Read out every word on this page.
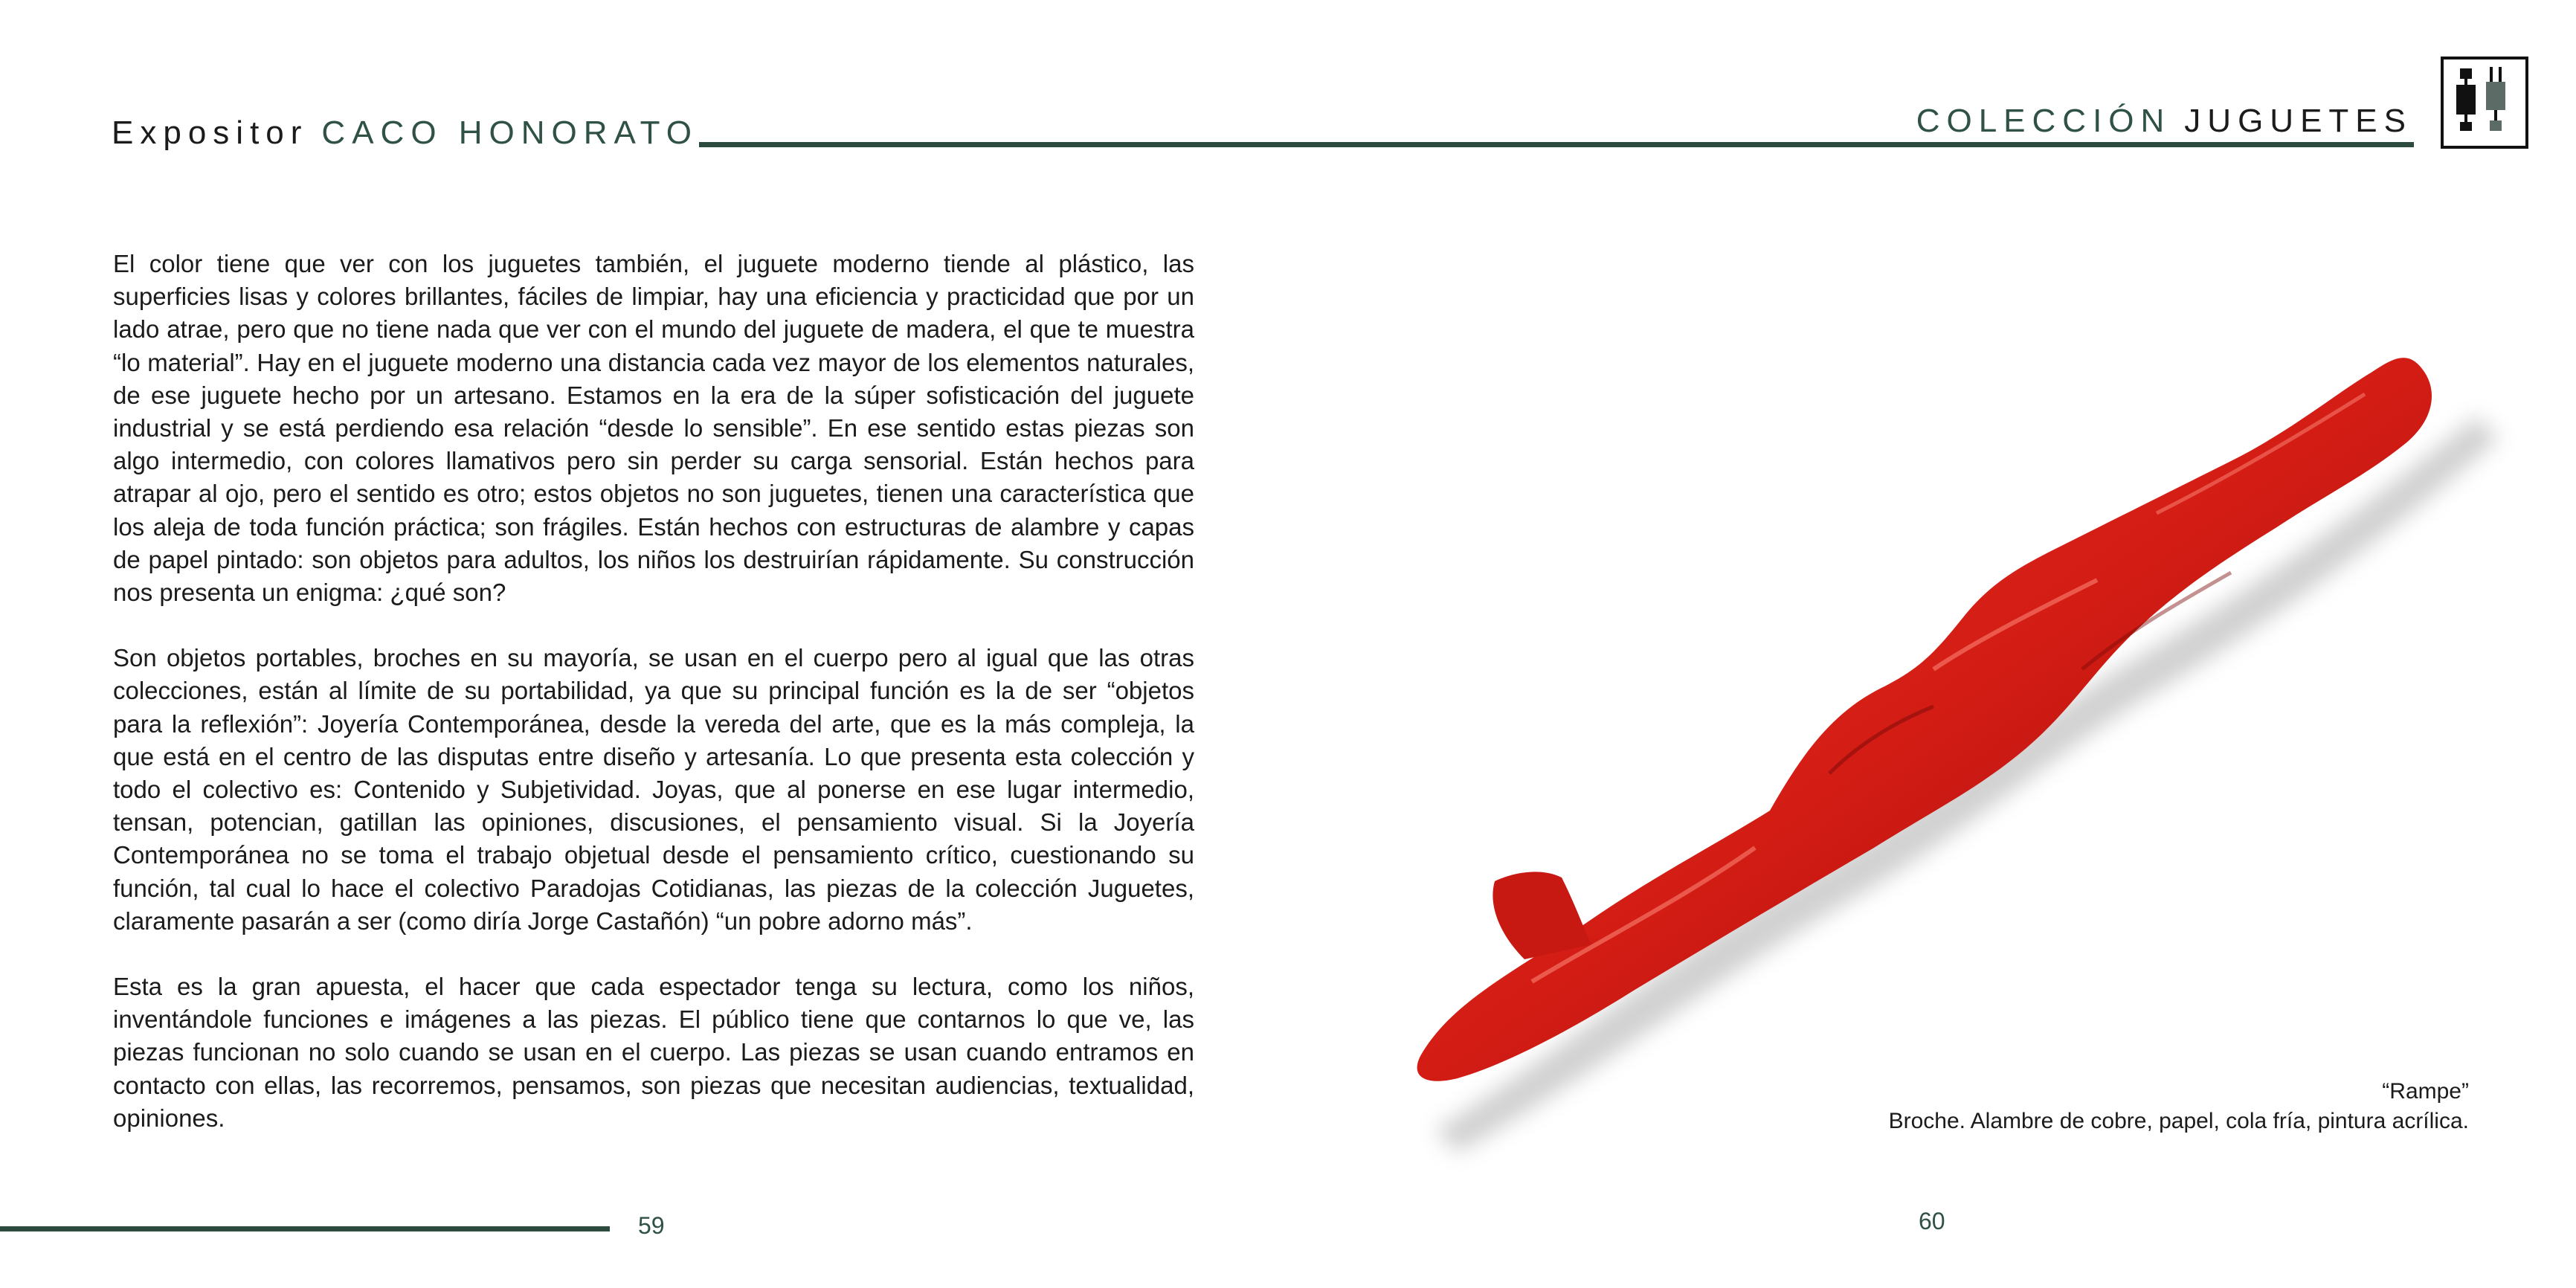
Expositor CACO HONORATO	COLECCIÓN JUGUETES

El color tiene que ver con los juguetes también, el juguete moderno tiende al plástico, las superficies lisas y colores brillantes, fáciles de limpiar, hay una eficiencia y practicidad que por un lado atrae, pero que no tiene nada que ver con el mundo del juguete de madera, el que te muestra “lo material”. Hay en el juguete moderno una distancia cada vez mayor de los elementos naturales, de ese juguete hecho por un artesano. Estamos en la era de la súper sofisticación del juguete industrial y se está perdiendo esa relación “desde lo sensible”. En ese sentido estas piezas son algo intermedio, con colores llamativos pero sin perder su carga sensorial. Están hechos para atrapar al ojo, pero el sentido es otro; estos objetos no son juguetes, tienen una característica que los aleja de toda función práctica; son frágiles. Están hechos con estructuras de alambre y capas de papel pintado: son objetos para adultos, los niños los destruirían rápidamente. Su construcción nos presenta un enigma: ¿qué son?

Son objetos portables, broches en su mayoría, se usan en el cuerpo pero al igual que las otras colecciones, están al límite de su portabilidad, ya que su principal función es la de ser “objetos para la reflexión”: Joyería Contemporánea, desde la vereda del arte, que es la más compleja, la que está en el centro de las disputas entre diseño y artesanía. Lo que presenta esta colección y todo el colectivo es: Contenido y Subjetividad. Joyas, que al ponerse en ese lugar intermedio, tensan, potencian, gatillan las opiniones, discusiones, el pensamiento visual. Si la Joyería Contemporánea no se toma el trabajo objetual desde el pensamiento crítico, cuestionando su función, tal cual lo hace el colectivo Paradojas Cotidianas, las piezas de la colección Juguetes, claramente pasarán a ser (como diría Jorge Castañón) “un pobre adorno más”.

Esta es la gran apuesta, el hacer que cada espectador tenga su lectura, como los niños, inventándole funciones e imágenes a las piezas. El público tiene que contarnos lo que ve, las piezas funcionan no solo cuando se usan en el cuerpo. Las piezas se usan cuando entramos en contacto con ellas, las recorremos, pensamos, son piezas que necesitan audiencias, textualidad, opiniones.

“Rampe”
Broche. Alambre de cobre, papel, cola fría, pintura acrílica.
59	60
